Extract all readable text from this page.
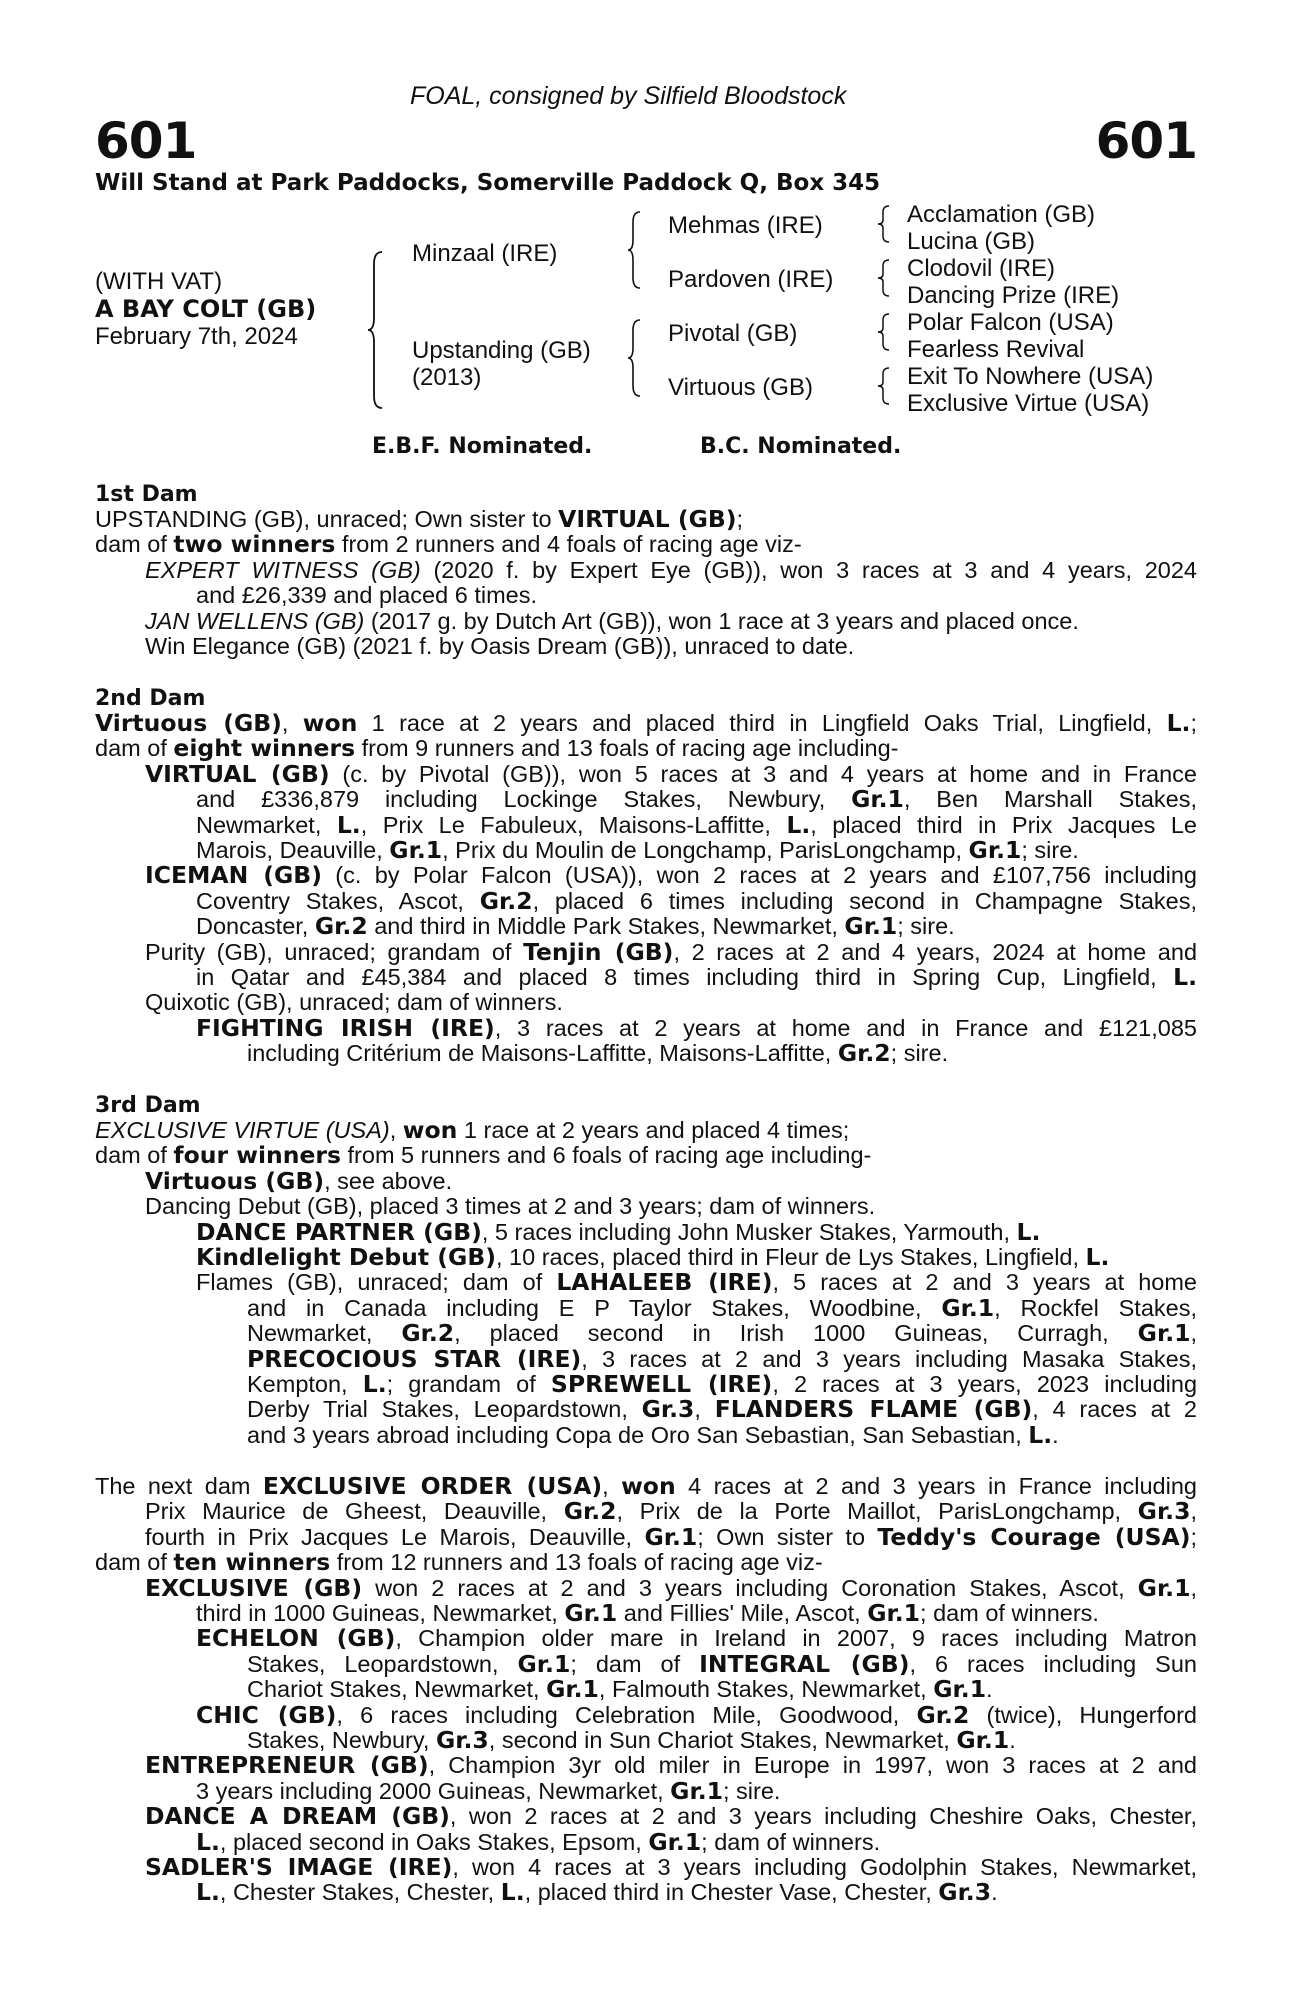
FOAL, consigned by Silfield Bloodstock
601	601
Will Stand at Park Paddocks, Somerville Paddock Q, Box 345
(WITH VAT)
A BAY COLT (GB)
February 7th, 2024
Minzaal (IRE)
Upstanding (GB)
(2013)
Mehmas (IRE)
Pardoven (IRE)
Pivotal (GB)
Virtuous (GB)
Acclamation (GB)
Lucina (GB)
Clodovil (IRE)
Dancing Prize (IRE)
Polar Falcon (USA)
Fearless Revival
Exit To Nowhere (USA)
Exclusive Virtue (USA)
E.B.F. Nominated.	B.C. Nominated.
1st Dam
UPSTANDING (GB), unraced; Own sister to VIRTUAL (GB);
dam of two winners from 2 runners and 4 foals of racing age viz-
EXPERT WITNESS (GB) (2020 f. by Expert Eye (GB)), won 3 races at 3 and 4 years, 2024
and £26,339 and placed 6 times.
JAN WELLENS (GB) (2017 g. by Dutch Art (GB)), won 1 race at 3 years and placed once.
Win Elegance (GB) (2021 f. by Oasis Dream (GB)), unraced to date.
2nd Dam
Virtuous (GB), won 1 race at 2 years and placed third in Lingfield Oaks Trial, Lingfield, L.;
dam of eight winners from 9 runners and 13 foals of racing age including-
VIRTUAL (GB) (c. by Pivotal (GB)), won 5 races at 3 and 4 years at home and in France
and £336,879 including Lockinge Stakes, Newbury, Gr.1, Ben Marshall Stakes,
Newmarket, L., Prix Le Fabuleux, Maisons-Laffitte, L., placed third in Prix Jacques Le
Marois, Deauville, Gr.1, Prix du Moulin de Longchamp, ParisLongchamp, Gr.1; sire.
ICEMAN (GB) (c. by Polar Falcon (USA)), won 2 races at 2 years and £107,756 including
Coventry Stakes, Ascot, Gr.2, placed 6 times including second in Champagne Stakes,
Doncaster, Gr.2 and third in Middle Park Stakes, Newmarket, Gr.1; sire.
Purity (GB), unraced; grandam of Tenjin (GB), 2 races at 2 and 4 years, 2024 at home and
in Qatar and £45,384 and placed 8 times including third in Spring Cup, Lingfield, L.
Quixotic (GB), unraced; dam of winners.
FIGHTING IRISH (IRE), 3 races at 2 years at home and in France and £121,085
including Critérium de Maisons-Laffitte, Maisons-Laffitte, Gr.2; sire.
3rd Dam
EXCLUSIVE VIRTUE (USA), won 1 race at 2 years and placed 4 times;
dam of four winners from 5 runners and 6 foals of racing age including-
Virtuous (GB), see above.
Dancing Debut (GB), placed 3 times at 2 and 3 years; dam of winners.
DANCE PARTNER (GB), 5 races including John Musker Stakes, Yarmouth, L.
Kindlelight Debut (GB), 10 races, placed third in Fleur de Lys Stakes, Lingfield, L.
Flames (GB), unraced; dam of LAHALEEB (IRE), 5 races at 2 and 3 years at home
and in Canada including E P Taylor Stakes, Woodbine, Gr.1, Rockfel Stakes,
Newmarket, Gr.2, placed second in Irish 1000 Guineas, Curragh, Gr.1,
PRECOCIOUS STAR (IRE), 3 races at 2 and 3 years including Masaka Stakes,
Kempton, L.; grandam of SPREWELL (IRE), 2 races at 3 years, 2023 including
Derby Trial Stakes, Leopardstown, Gr.3, FLANDERS FLAME (GB), 4 races at 2
and 3 years abroad including Copa de Oro San Sebastian, San Sebastian, L..
The next dam EXCLUSIVE ORDER (USA), won 4 races at 2 and 3 years in France including
Prix Maurice de Gheest, Deauville, Gr.2, Prix de la Porte Maillot, ParisLongchamp, Gr.3,
fourth in Prix Jacques Le Marois, Deauville, Gr.1; Own sister to Teddy's Courage (USA);
dam of ten winners from 12 runners and 13 foals of racing age viz-
EXCLUSIVE (GB) won 2 races at 2 and 3 years including Coronation Stakes, Ascot, Gr.1,
third in 1000 Guineas, Newmarket, Gr.1 and Fillies' Mile, Ascot, Gr.1; dam of winners.
ECHELON (GB), Champion older mare in Ireland in 2007, 9 races including Matron
Stakes, Leopardstown, Gr.1; dam of INTEGRAL (GB), 6 races including Sun
Chariot Stakes, Newmarket, Gr.1, Falmouth Stakes, Newmarket, Gr.1.
CHIC (GB), 6 races including Celebration Mile, Goodwood, Gr.2 (twice), Hungerford
Stakes, Newbury, Gr.3, second in Sun Chariot Stakes, Newmarket, Gr.1.
ENTREPRENEUR (GB), Champion 3yr old miler in Europe in 1997, won 3 races at 2 and
3 years including 2000 Guineas, Newmarket, Gr.1; sire.
DANCE A DREAM (GB), won 2 races at 2 and 3 years including Cheshire Oaks, Chester,
L., placed second in Oaks Stakes, Epsom, Gr.1; dam of winners.
SADLER'S IMAGE (IRE), won 4 races at 3 years including Godolphin Stakes, Newmarket,
L., Chester Stakes, Chester, L., placed third in Chester Vase, Chester, Gr.3.
